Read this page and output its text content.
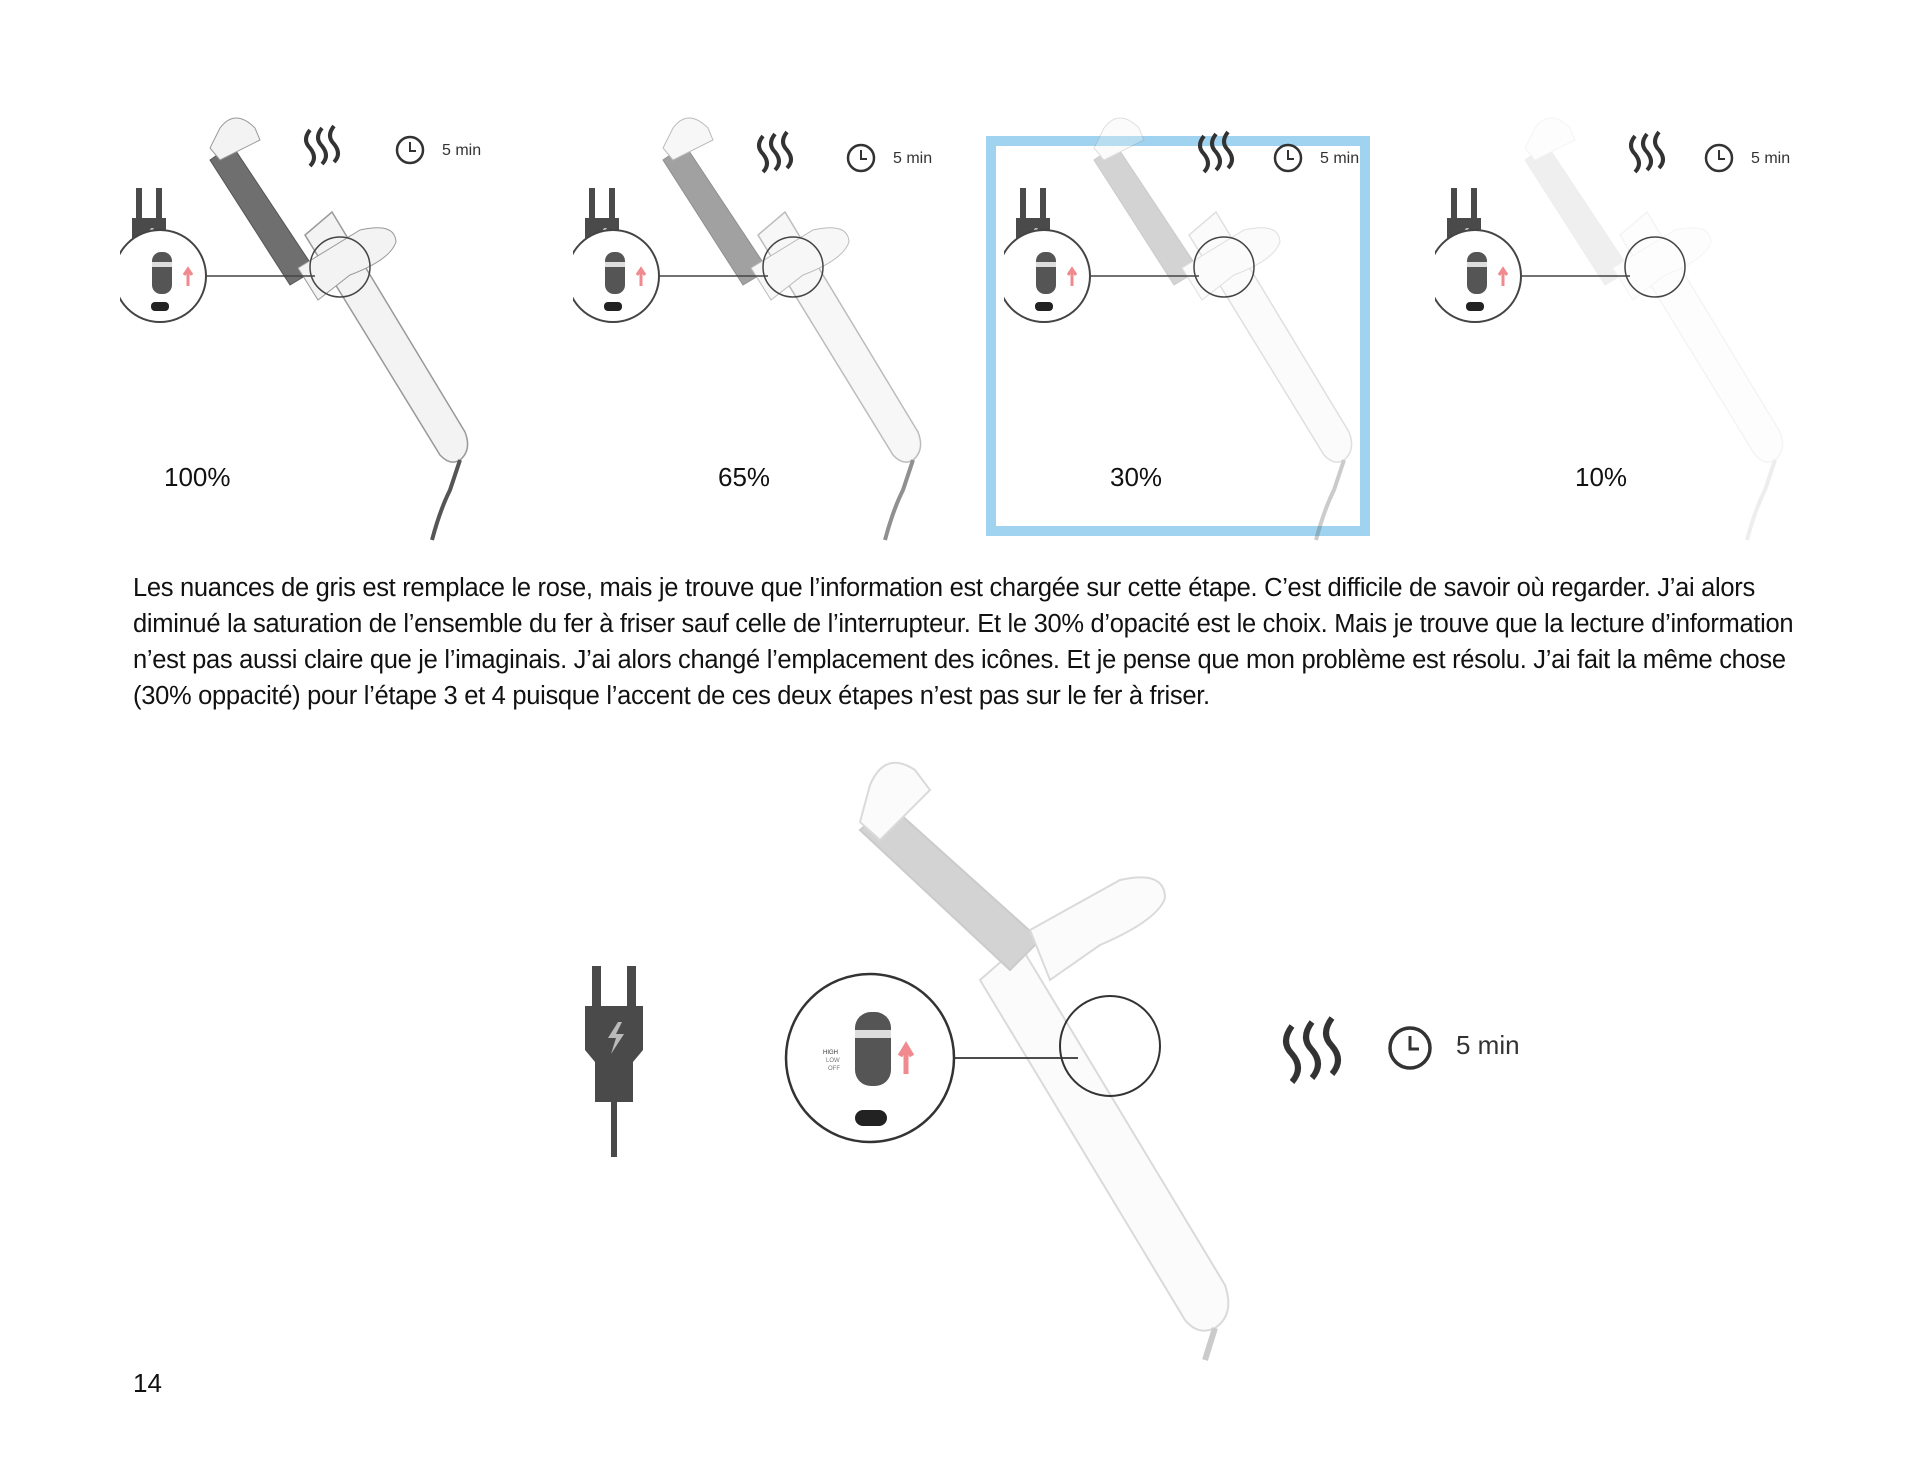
5 min
100%
5 min
65%
5 min
30%
5 min
10%

Les nuances de gris est remplace le rose, mais je trouve que l’information est chargée sur cette étape. C’est difficile de savoir où regarder. J’ai alors diminué la saturation de l’ensemble du fer à friser sauf celle de l’interrupteur. Et le 30% d’opacité est le choix. Mais je trouve que la lecture d’information n’est pas aussi claire que je l’imaginais. J’ai alors changé l’emplacement des icônes. Et je pense que mon problème est résolu. J’ai fait la même chose (30% oppacité) pour l’étape 3 et 4 puisque l’accent de ces deux étapes n’est pas sur le fer à friser.

HIGH
LOW
OFF
5 min
14
